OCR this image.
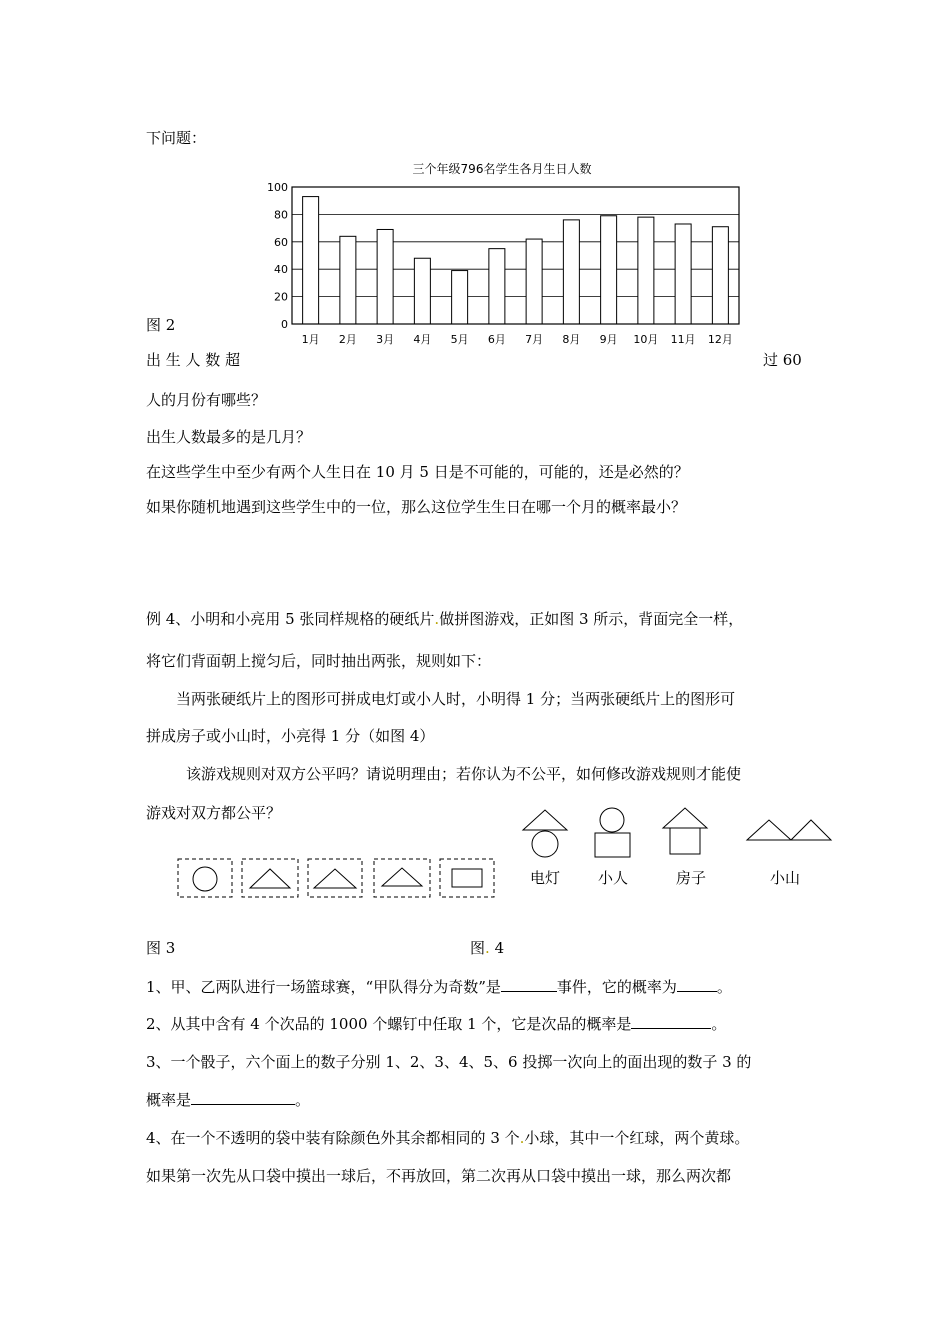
下问题：
三个年级796名学生各月生日人数
0
20
40
60
80
100
1月 2月 3月 4月 5月 6月 7月 8月 9月 10月 11月 12月
图 2
出 生 人 数 超	过 60
人的月份有哪些？
出生人数最多的是几月？
在这些学生中至少有两个人生日在 10 月 5 日是不可能的，可能的，还是必然的？
如果你随机地遇到这些学生中的一位，那么这位学生生日在哪一个月的概率最小？
例 4、小明和小亮用 5 张同样规格的硬纸片.做拼图游戏，正如图 3 所示，背面完全一样，
将它们背面朝上搅匀后，同时抽出两张，规则如下：
当两张硬纸片上的图形可拼成电灯或小人时，小明得 1 分；当两张硬纸片上的图形可
拼成房子或小山时，小亮得 1 分（如图 4）
该游戏规则对双方公平吗？请说明理由；若你认为不公平，如何修改游戏规则才能使
游戏对双方都公平？
电灯	小人	房子	小山
图 3	图. 4
1、甲、乙两队进行一场篮球赛，“甲队得分为奇数”是	事件，它的概率为	。
2、从其中含有 4 个次品的 1000 个螺钉中任取 1 个，它是次品的概率是	。
3、一个骰子，六个面上的数子分别 1、2、3、4、5、6 投掷一次向上的面出现的数子 3 的
概率是	。
4、在一个不透明的袋中装有除颜色外其余都相同的 3 个.小球，其中一个红球，两个黄球。
如果第一次先从口袋中摸出一球后，不再放回，第二次再从口袋中摸出一球，那么两次都
